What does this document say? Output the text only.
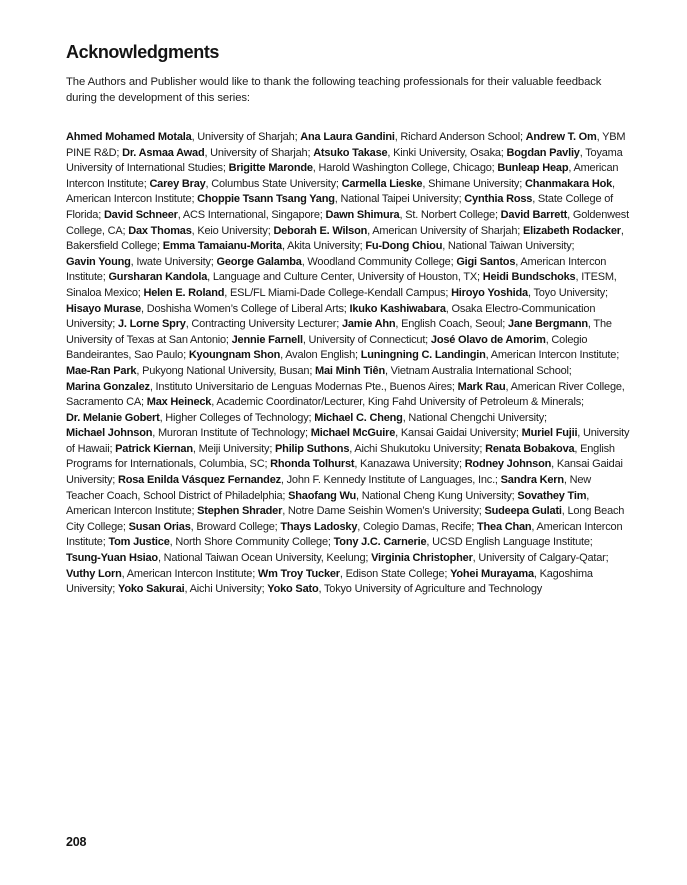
Acknowledgments

The Authors and Publisher would like to thank the following teaching professionals for their valuable feedback during the development of this series:

Ahmed Mohamed Motala, University of Sharjah; Ana Laura Gandini, Richard Anderson School; Andrew T. Om, YBM PINE R&D; Dr. Asmaa Awad, University of Sharjah; Atsuko Takase, Kinki University, Osaka; Bogdan Pavliy, Toyama University of International Studies; Brigitte Maronde, Harold Washington College, Chicago; Bunleap Heap, American Intercon Institute; Carey Bray, Columbus State University; Carmella Lieske, Shimane University; Chanmakara Hok, American Intercon Institute; Choppie Tsann Tsang Yang, National Taipei University; Cynthia Ross, State College of Florida; David Schneer, ACS International, Singapore; Dawn Shimura, St. Norbert College; David Barrett, Goldenwest College, CA; Dax Thomas, Keio University; Deborah E. Wilson, American University of Sharjah; Elizabeth Rodacker, Bakersfield College; Emma Tamaianu-Morita, Akita University; Fu-Dong Chiou, National Taiwan University;
Gavin Young, Iwate University; George Galamba, Woodland Community College; Gigi Santos, American Intercon Institute; Gursharan Kandola, Language and Culture Center, University of Houston, TX; Heidi Bundschoks, ITESM, Sinaloa Mexico; Helen E. Roland, ESL/FL Miami-Dade College-Kendall Campus; Hiroyo Yoshida, Toyo University; Hisayo Murase, Doshisha Women’s College of Liberal Arts; Ikuko Kashiwabara, Osaka Electro-Communication University; J. Lorne Spry, Contracting University Lecturer; Jamie Ahn, English Coach, Seoul; Jane Bergmann, The University of Texas at San Antonio; Jennie Farnell, University of Connecticut; José Olavo de Amorim, Colegio Bandeirantes, Sao Paulo; Kyoungnam Shon, Avalon English; Luningning C. Landingin, American Intercon Institute; Mae-Ran Park, Pukyong National University, Busan; Mai Minh Tiên, Vietnam Australia International School;
Marina Gonzalez, Instituto Universitario de Lenguas Modernas Pte., Buenos Aires; Mark Rau, American River College, Sacramento CA; Max Heineck, Academic Coordinator/Lecturer, King Fahd University of Petroleum & Minerals;
Dr. Melanie Gobert, Higher Colleges of Technology; Michael C. Cheng, National Chengchi University;
Michael Johnson, Muroran Institute of Technology; Michael McGuire, Kansai Gaidai University; Muriel Fujii, University of Hawaii; Patrick Kiernan, Meiji University; Philip Suthons, Aichi Shukutoku University; Renata Bobakova, English Programs for Internationals, Columbia, SC; Rhonda Tolhurst, Kanazawa University; Rodney Johnson, Kansai Gaidai University; Rosa Enilda Vásquez Fernandez, John F. Kennedy Institute of Languages, Inc.; Sandra Kern, New Teacher Coach, School District of Philadelphia; Shaofang Wu, National Cheng Kung University; Sovathey Tim, American Intercon Institute; Stephen Shrader, Notre Dame Seishin Women’s University; Sudeepa Gulati, Long Beach City College; Susan Orias, Broward College; Thays Ladosky, Colegio Damas, Recife; Thea Chan, American Intercon Institute; Tom Justice, North Shore Community College; Tony J.C. Carnerie, UCSD English Language Institute;
Tsung-Yuan Hsiao, National Taiwan Ocean University, Keelung; Virginia Christopher, University of Calgary-Qatar; Vuthy Lorn, American Intercon Institute; Wm Troy Tucker, Edison State College; Yohei Murayama, Kagoshima University; Yoko Sakurai, Aichi University; Yoko Sato, Tokyo University of Agriculture and Technology

208
